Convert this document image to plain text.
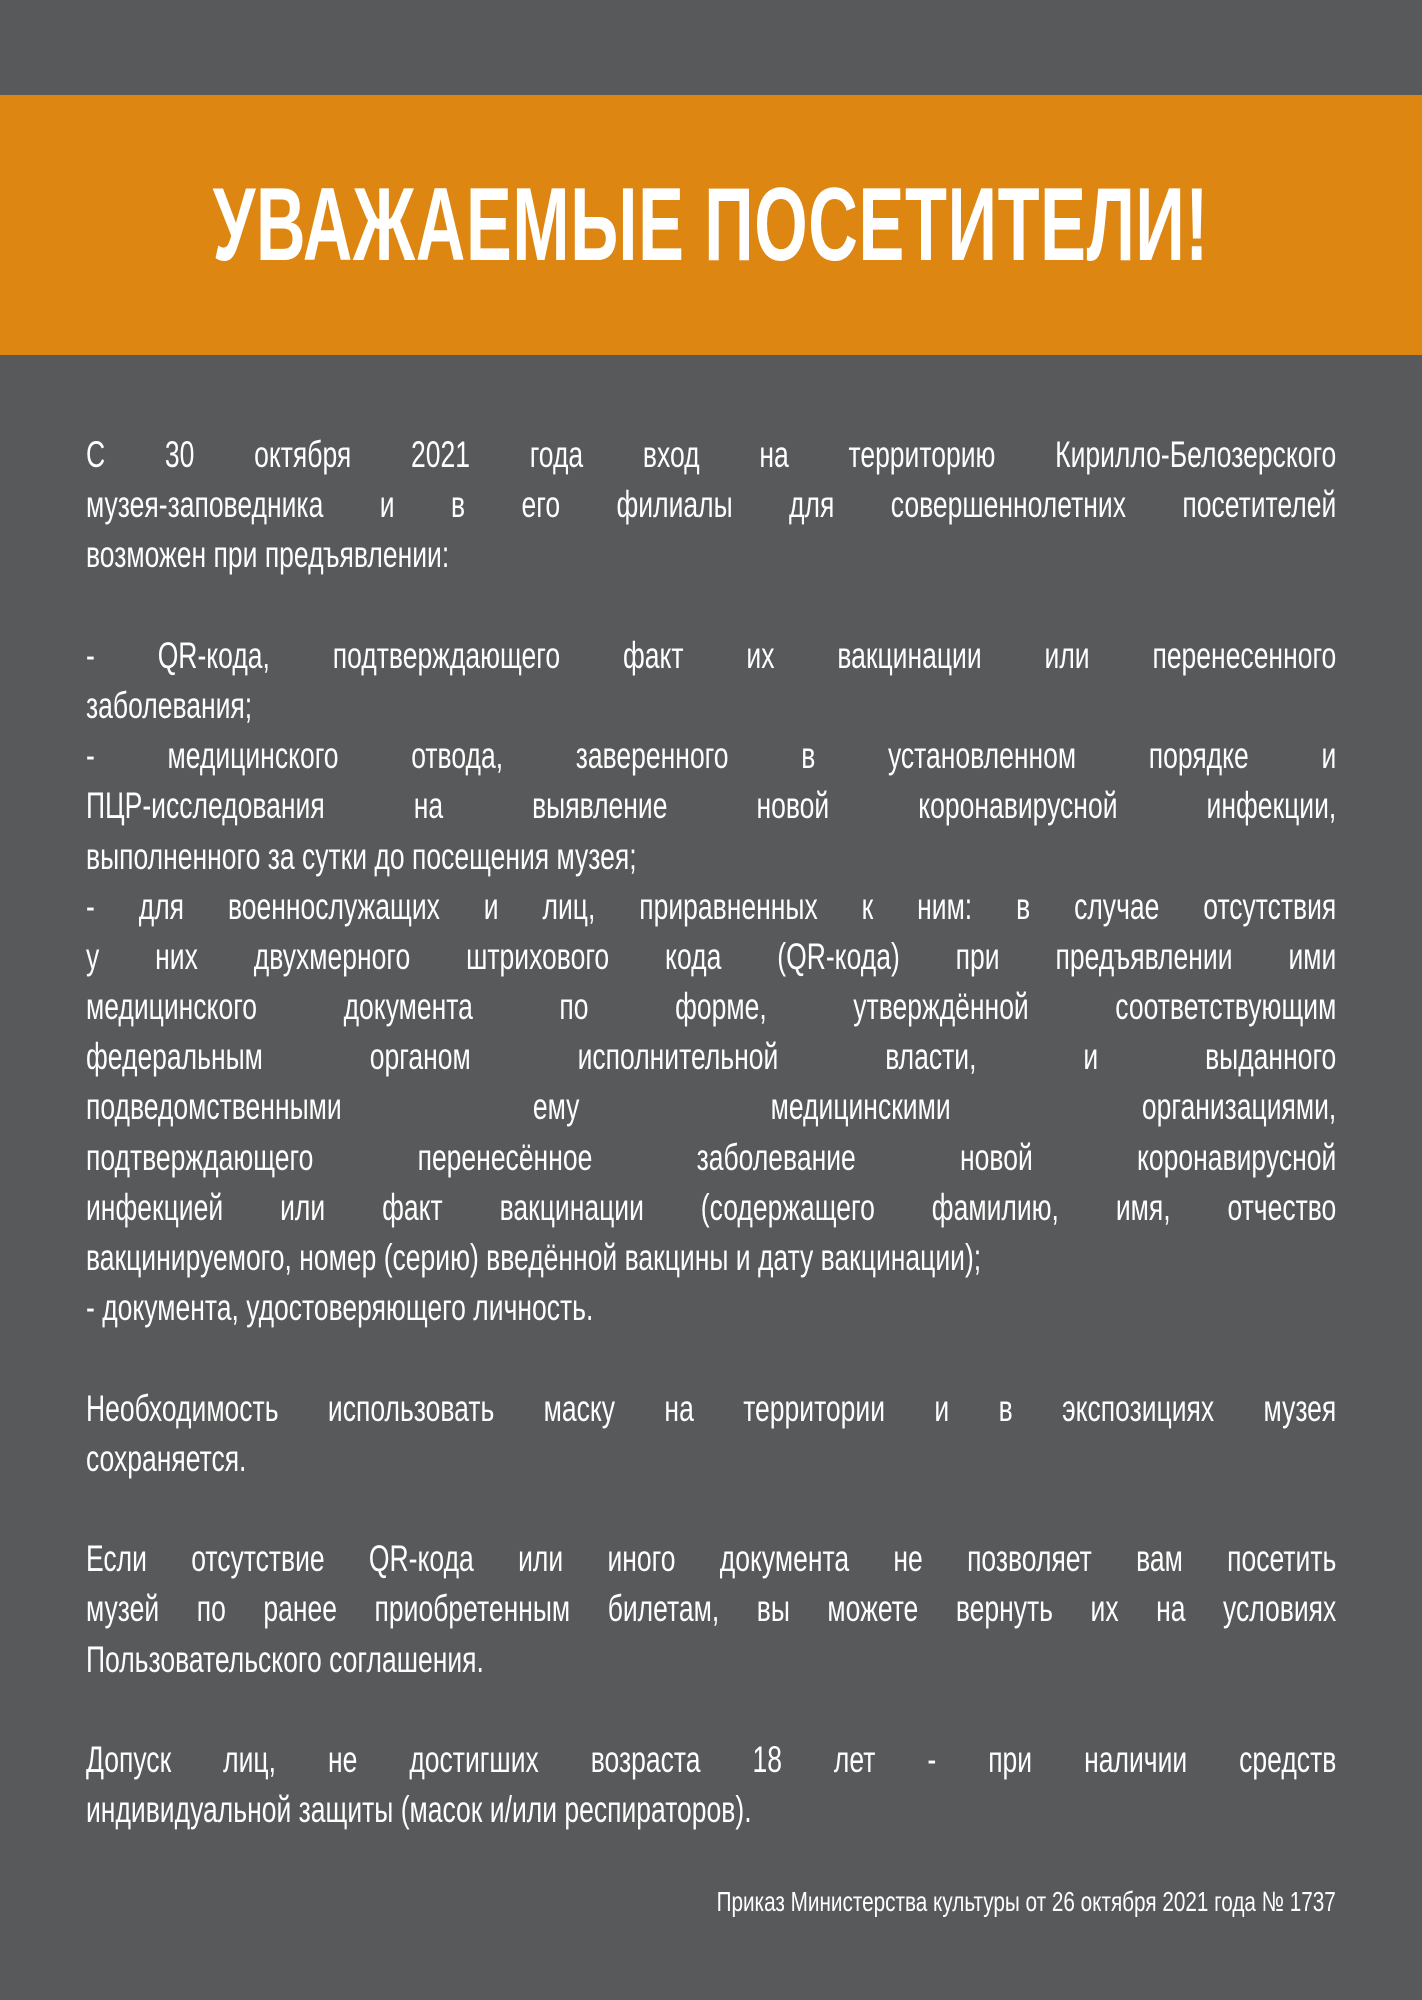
УВАЖАЕМЫЕ ПОСЕТИТЕЛИ!
С 30 октября 2021 года вход на территорию Кирилло-Белозерского
музея-заповедника и в его филиалы для совершеннолетних посетителей
возможен при предъявлении:
- QR-кода, подтверждающего факт их вакцинации или перенесенного
заболевания;
- медицинского отвода, заверенного в установленном порядке и
ПЦР-исследования на выявление новой коронавирусной инфекции,
выполненного за сутки до посещения музея;
- для военнослужащих и лиц, приравненных к ним: в случае отсутствия
у них двухмерного штрихового кода (QR-кода) при предъявлении ими
медицинского документа по форме, утверждённой соответствующим
федеральным органом исполнительной власти, и выданного
подведомственными ему медицинскими организациями,
подтверждающего перенесённое заболевание новой коронавирусной
инфекцией или факт вакцинации (содержащего фамилию, имя, отчество
вакцинируемого, номер (серию) введённой вакцины и дату вакцинации);
- документа, удостоверяющего личность.
Необходимость использовать маску на территории и в экспозициях музея
сохраняется.
Если отсутствие QR-кода или иного документа не позволяет вам посетить
музей по ранее приобретенным билетам, вы можете вернуть их на условиях
Пользовательского соглашения.
Допуск лиц, не достигших возраста 18 лет - при наличии средств
индивидуальной защиты (масок и/или респираторов).
Приказ Министерства культуры от 26 октября 2021 года № 1737
